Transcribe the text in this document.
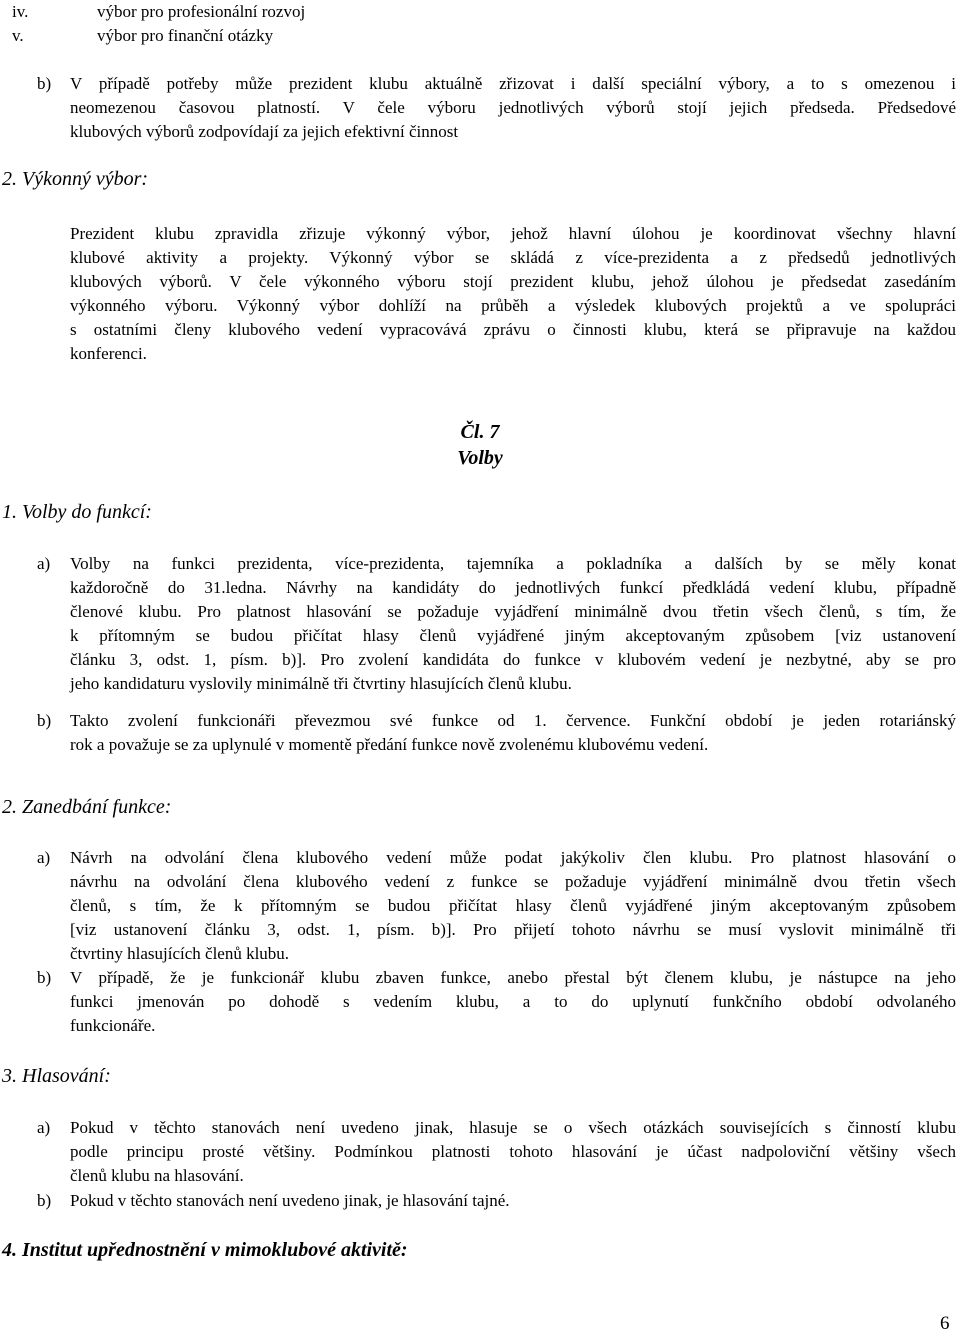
iv.	výbor pro profesionální rozvoj
v.	výbor pro finanční otázky
b) V případě potřeby může prezident klubu aktuálně zřizovat i další speciální výbory, a to s omezenou i
neomezenou časovou platností. V čele výboru jednotlivých výborů stojí jejich předseda. Předsedové
klubových výborů zodpovídají za jejich efektivní činnost
2. Výkonný výbor:
Prezident klubu zpravidla zřizuje výkonný výbor, jehož hlavní úlohou je koordinovat všechny hlavní
klubové aktivity a projekty. Výkonný výbor se skládá z více-prezidenta a z předsedů jednotlivých
klubových výborů. V čele výkonného výboru stojí prezident klubu, jehož úlohou je předsedat zasedáním
výkonného výboru. Výkonný výbor dohlíží na průběh a výsledek klubových projektů a ve spolupráci
s ostatními členy klubového vedení vypracovává zprávu o činnosti klubu, která se připravuje na každou
konferenci.
Čl. 7
Volby
1. Volby do funkcí:
a) Volby na funkci prezidenta, více-prezidenta, tajemníka a pokladníka a dalších by se měly konat
každoročně do 31.ledna. Návrhy na kandidáty do jednotlivých funkcí předkládá vedení klubu, případně
členové klubu. Pro platnost hlasování se požaduje vyjádření minimálně dvou třetin všech členů, s tím, že
k přítomným se budou přičítat hlasy členů vyjádřené jiným akceptovaným způsobem [viz ustanovení
článku 3, odst. 1, písm. b)]. Pro zvolení kandidáta do funkce v klubovém vedení je nezbytné, aby se pro
jeho kandidaturu vyslovily minimálně tři čtvrtiny hlasujících členů klubu.
b) Takto zvolení funkcionáři převezmou své funkce od 1. července. Funkční období je jeden rotariánský
rok a považuje se za uplynulé v momentě předání funkce nově zvolenému klubovému vedení.
2. Zanedbání funkce:
a) Návrh na odvolání člena klubového vedení může podat jakýkoliv člen klubu. Pro platnost hlasování o
návrhu na odvolání člena klubového vedení z funkce se požaduje vyjádření minimálně dvou třetin všech
členů, s tím, že k přítomným se budou přičítat hlasy členů vyjádřené jiným akceptovaným způsobem
[viz ustanovení článku 3, odst. 1, písm. b)]. Pro přijetí tohoto návrhu se musí vyslovit minimálně tři
čtvrtiny hlasujících členů klubu.
b) V případě, že je funkcionář klubu zbaven funkce, anebo přestal být členem klubu, je nástupce na jeho
funkci jmenován po dohodě s vedením klubu, a to do uplynutí funkčního období odvolaného
funkcionáře.
3. Hlasování:
a) Pokud v těchto stanovách není uvedeno jinak, hlasuje se o všech otázkách souvisejících s činností klubu
podle principu prosté většiny. Podmínkou platnosti tohoto hlasování je účast nadpoloviční většiny všech
členů klubu na hlasování.
b) Pokud v těchto stanovách není uvedeno jinak, je hlasování tajné.
4. Institut upřednostnění v mimoklubové aktivitě:
6
